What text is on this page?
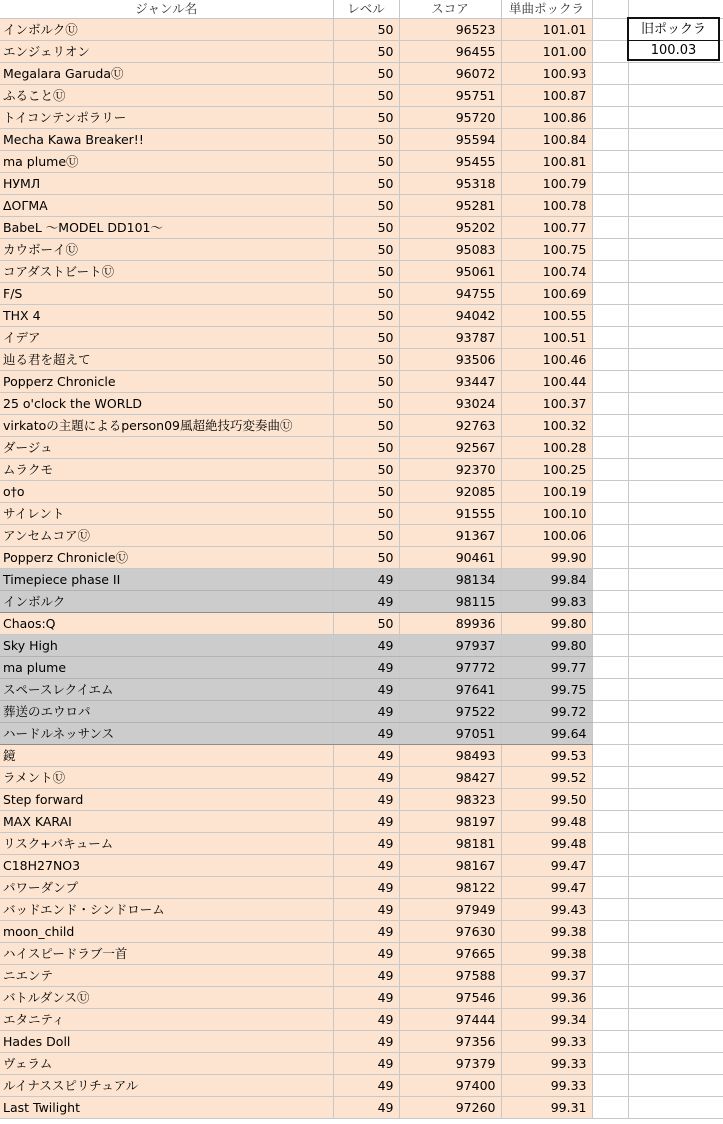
ジャンル名	レベル	スコア	単曲ポックラ		
インボルクⓊ	50	96523	101.01		
エンジェリオン	50	96455	101.00		
Megalara GarudaⓊ	50	96072	100.93		
ふることⓊ	50	95751	100.87		
トイコンテンポラリー	50	95720	100.86		
Mecha Kawa Breaker!!	50	95594	100.84		
ma plumeⓊ	50	95455	100.81		
НУМЛ	50	95318	100.79		
ΔΟΓΜΑ	50	95281	100.78		
BabeL 〜MODEL DD101〜	50	95202	100.77		
カウボーイⓊ	50	95083	100.75		
コアダストビートⓊ	50	95061	100.74		
F/S	50	94755	100.69		
THX 4	50	94042	100.55		
イデア	50	93787	100.51		
辿る君を超えて	50	93506	100.46		
Popperz Chronicle	50	93447	100.44		
25 o'clock the WORLD	50	93024	100.37		
virkatoの主題によるperson09風超絶技巧変奏曲Ⓤ	50	92763	100.32		
ダージュ	50	92567	100.28		
ムラクモ	50	92370	100.25		
o†o	50	92085	100.19		
サイレント	50	91555	100.10		
アンセムコアⓊ	50	91367	100.06		
Popperz ChronicleⓊ	50	90461	99.90		
Timepiece phase II	49	98134	99.84		
インボルク	49	98115	99.83		
Chaos:Q	50	89936	99.80		
Sky High	49	97937	99.80		
ma plume	49	97772	99.77		
スペースレクイエム	49	97641	99.75		
葬送のエウロパ	49	97522	99.72		
ハードルネッサンス	49	97051	99.64		
鏡	49	98493	99.53		
ラメントⓊ	49	98427	99.52		
Step forward	49	98323	99.50		
MAX KARAI	49	98197	99.48		
リスク+バキューム	49	98181	99.48		
C18H27NO3	49	98167	99.47		
パワーダンプ	49	98122	99.47		
バッドエンド・シンドローム	49	97949	99.43		
moon_child	49	97630	99.38		
ハイスピードラブ一首	49	97665	99.38		
ニエンテ	49	97588	99.37		
バトルダンスⓊ	49	97546	99.36		
エタニティ	49	97444	99.34		
Hades Doll	49	97356	99.33		
ヴェラム	49	97379	99.33		
ルイナススピリチュアル	49	97400	99.33		
Last Twilight	49	97260	99.31		
旧ポックラ
100.03
